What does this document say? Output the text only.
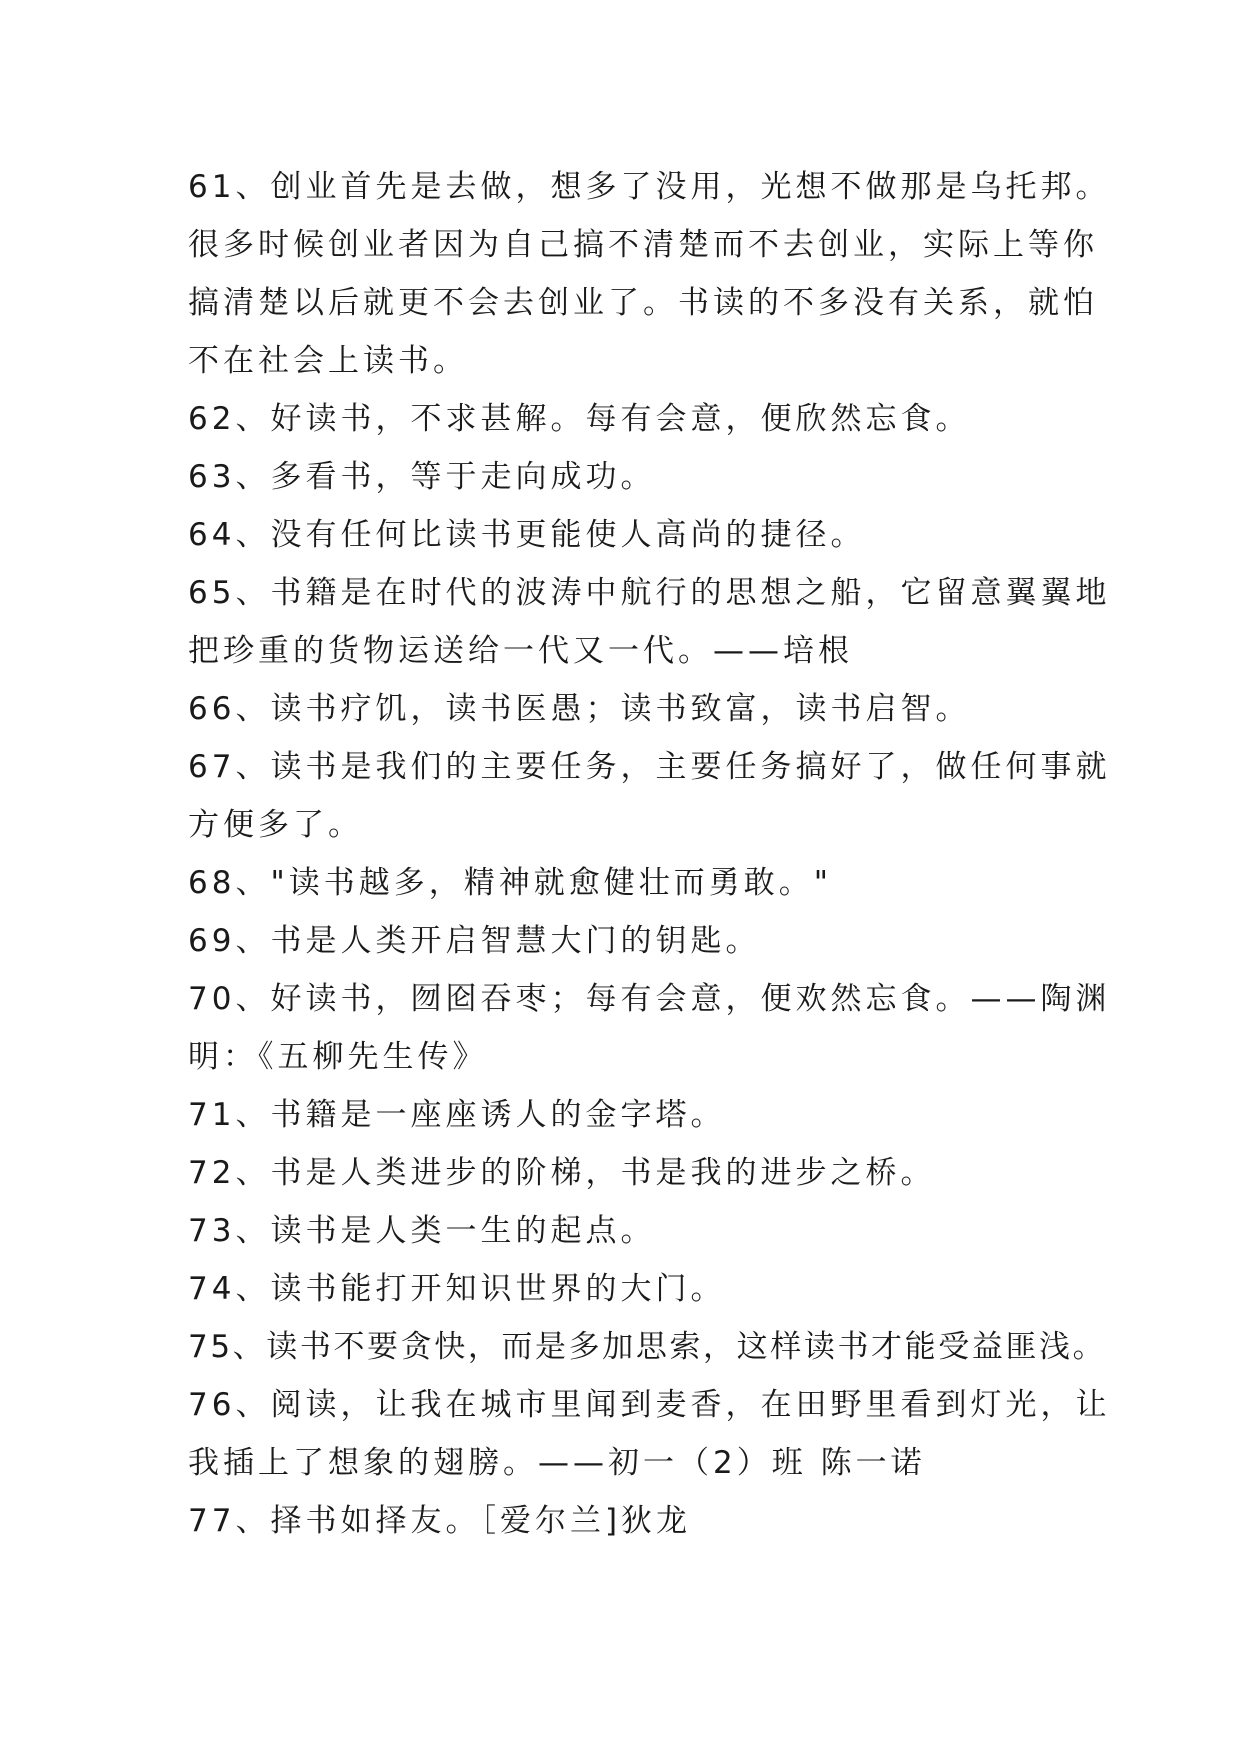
61、创业首先是去做，想多了没用，光想不做那是乌托邦。
很多时候创业者因为自己搞不清楚而不去创业，实际上等你
搞清楚以后就更不会去创业了。书读的不多没有关系，就怕
不在社会上读书。
62、好读书，不求甚解。每有会意，便欣然忘食。
63、多看书，等于走向成功。
64、没有任何比读书更能使人高尚的捷径。
65、书籍是在时代的波涛中航行的思想之船，它留意翼翼地
把珍重的货物运送给一代又一代。——培根
66、读书疗饥，读书医愚；读书致富，读书启智。
67、读书是我们的主要任务，主要任务搞好了，做任何事就
方便多了。
68、"读书越多，精神就愈健壮而勇敢。"
69、书是人类开启智慧大门的钥匙。
70、好读书，囫囵吞枣；每有会意，便欢然忘食。——陶渊
明：《五柳先生传》
71、书籍是一座座诱人的金字塔。
72、书是人类进步的阶梯，书是我的进步之桥。
73、读书是人类一生的起点。
74、读书能打开知识世界的大门。
75、读书不要贪快，而是多加思索，这样读书才能受益匪浅。
76、阅读，让我在城市里闻到麦香，在田野里看到灯光，让
我插上了想象的翅膀。——初一（2）班 陈一诺
77、择书如择友。［爱尔兰]狄龙
